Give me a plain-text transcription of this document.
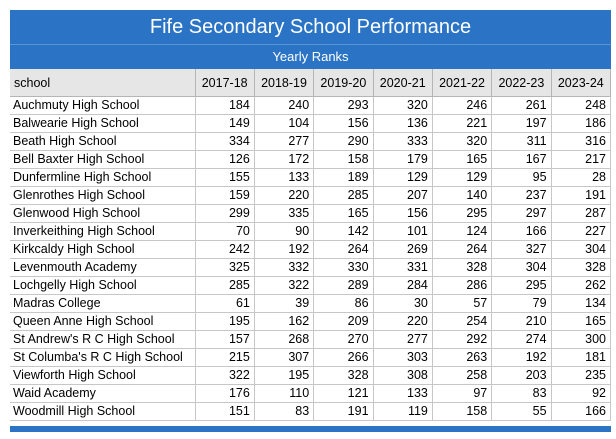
Fife Secondary School Performance
Yearly Ranks
school	2017-18	2018-19	2019-20	2020-21	2021-22	2022-23	2023-24
Auchmuty High School	184	240	293	320	246	261	248
Balwearie High School	149	104	156	136	221	197	186
Beath High School	334	277	290	333	320	311	316
Bell Baxter High School	126	172	158	179	165	167	217
Dunfermline High School	155	133	189	129	129	95	28
Glenrothes High School	159	220	285	207	140	237	191
Glenwood High School	299	335	165	156	295	297	287
Inverkeithing High School	70	90	142	101	124	166	227
Kirkcaldy High School	242	192	264	269	264	327	304
Levenmouth Academy	325	332	330	331	328	304	328
Lochgelly High School	285	322	289	284	286	295	262
Madras College	61	39	86	30	57	79	134
Queen Anne High School	195	162	209	220	254	210	165
St Andrew's R C High School	157	268	270	277	292	274	300
St Columba's R C High School	215	307	266	303	263	192	181
Viewforth High School	322	195	328	308	258	203	235
Waid Academy	176	110	121	133	97	83	92
Woodmill High School	151	83	191	119	158	55	166
